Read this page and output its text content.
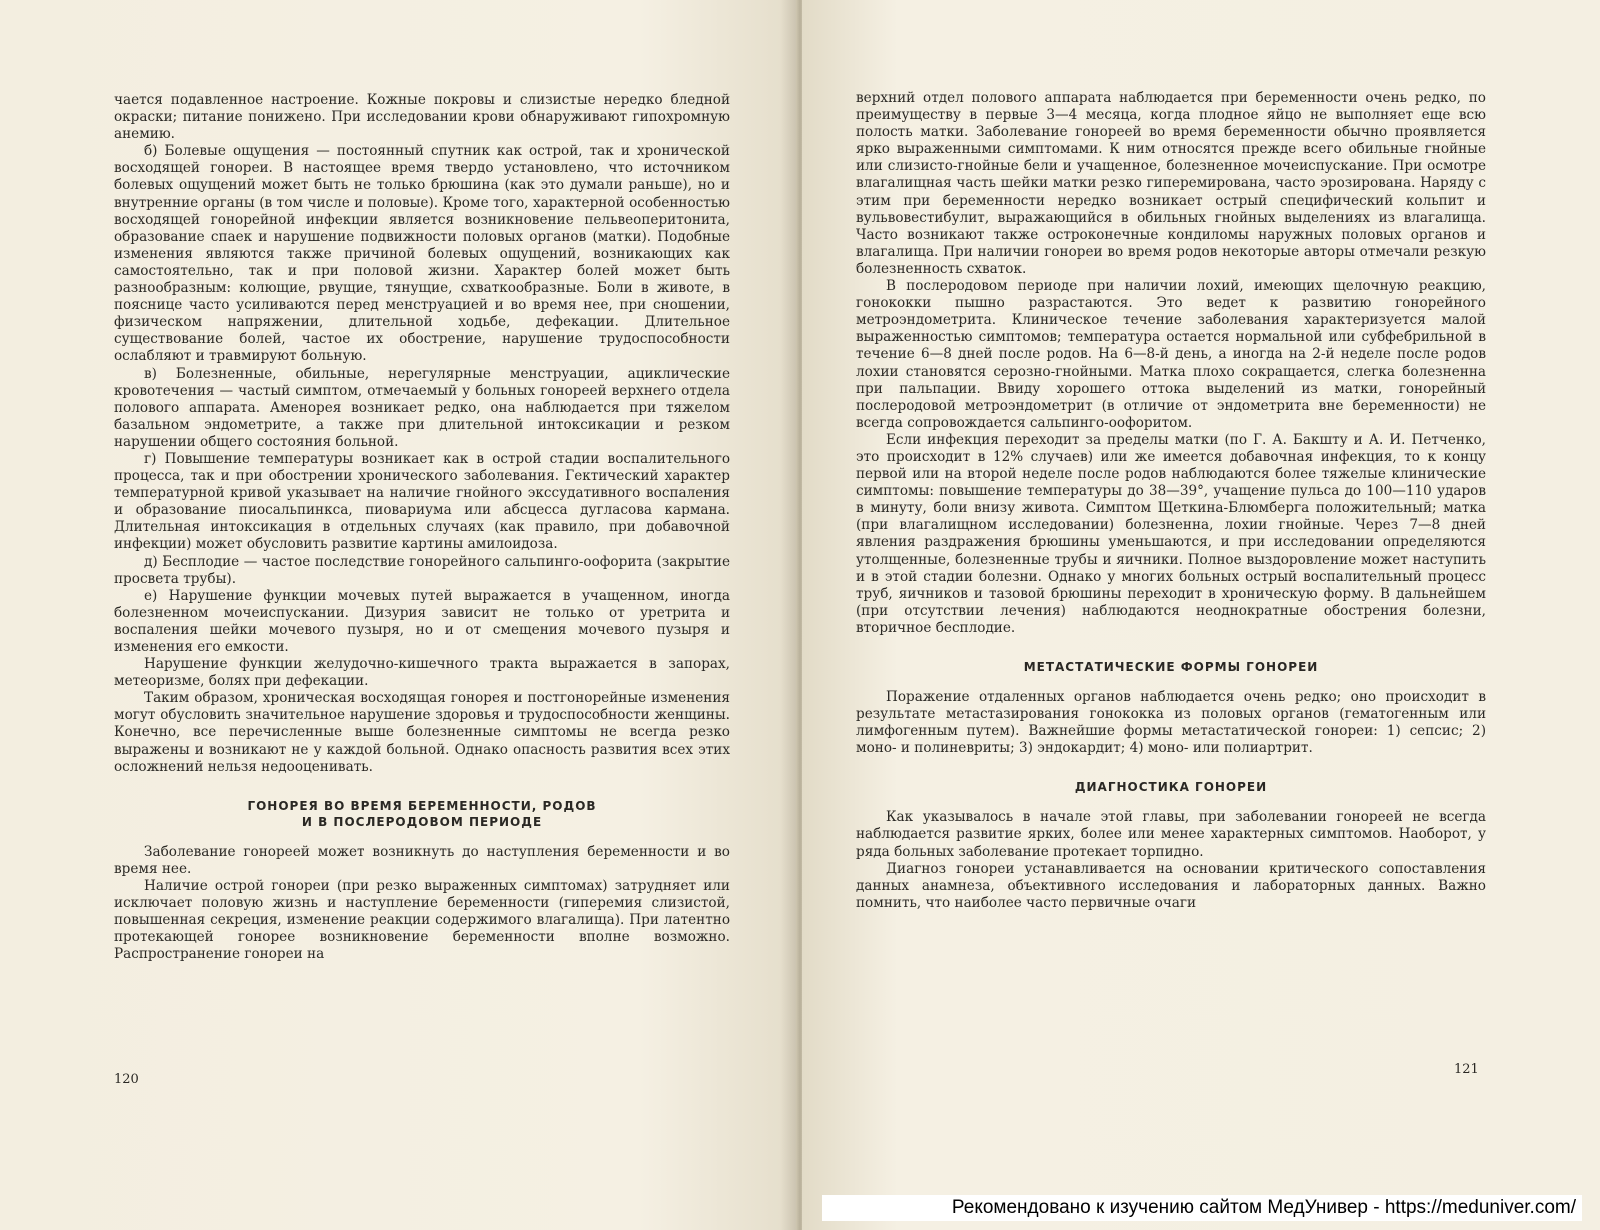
чается подавленное настроение. Кожные покровы и слизистые нередко бледной окраски; питание понижено. При исследовании крови обнаруживают гипохромную анемию.

б) Болевые ощущения — постоянный спутник как острой, так и хронической восходящей гонореи. В настоящее время твердо установлено, что источником болевых ощущений может быть не только брюшина (как это думали раньше), но и внутренние органы (в том числе и половые). Кроме того, характерной особенностью восходящей гонорейной инфекции является возникновение пельвеоперитонита, образование спаек и нарушение подвижности половых органов (матки). Подобные изменения являются также причиной болевых ощущений, возникающих как самостоятельно, так и при половой жизни. Характер болей может быть разнообразным: колющие, рвущие, тянущие, схваткообразные. Боли в животе, в пояснице часто усиливаются перед менструацией и во время нее, при сношении, физическом напряжении, длительной ходьбе, дефекации. Длительное существование болей, частое их обострение, нарушение трудоспособности ослабляют и травмируют больную.

в) Болезненные, обильные, нерегулярные менструации, ациклические кровотечения — частый симптом, отмечаемый у больных гонореей верхнего отдела полового аппарата. Аменорея возникает редко, она наблюдается при тяжелом базальном эндометрите, а также при длительной интоксикации и резком нарушении общего состояния больной.

г) Повышение температуры возникает как в острой стадии воспалительного процесса, так и при обострении хронического заболевания. Гектический характер температурной кривой указывает на наличие гнойного экссудативного воспаления и образование пиосальпинкса, пиовариума или абсцесса дугласова кармана. Длительная интоксикация в отдельных случаях (как правило, при добавочной инфекции) может обусловить развитие картины амилоидоза.

д) Бесплодие — частое последствие гонорейного сальпинго-оофорита (закрытие просвета трубы).

е) Нарушение функции мочевых путей выражается в учащенном, иногда болезненном мочеиспускании. Дизурия зависит не только от уретрита и воспаления шейки мочевого пузыря, но и от смещения мочевого пузыря и изменения его емкости.

Нарушение функции желудочно-кишечного тракта выражается в запорах, метеоризме, болях при дефекации.

Таким образом, хроническая восходящая гонорея и постгонорейные изменения могут обусловить значительное нарушение здоровья и трудоспособности женщины. Конечно, все перечисленные выше болезненные симптомы не всегда резко выражены и возникают не у каждой больной. Однако опасность развития всех этих осложнений нельзя недооценивать.

ГОНОРЕЯ ВО ВРЕМЯ БЕРЕМЕННОСТИ, РОДОВ
И В ПОСЛЕРОДОВОМ ПЕРИОДЕ

Заболевание гонореей может возникнуть до наступления беременности и во время нее.

Наличие острой гонореи (при резко выраженных симптомах) затрудняет или исключает половую жизнь и наступление беременности (гиперемия слизистой, повышенная секреция, изменение реакции содержимого влагалища). При латентно протекающей гонорее возникновение беременности вполне возможно. Распространение гонореи на

120

верхний отдел полового аппарата наблюдается при беременности очень редко, по преимуществу в первые 3—4 месяца, когда плодное яйцо не выполняет еще всю полость матки. Заболевание гонореей во время беременности обычно проявляется ярко выраженными симптомами. К ним относятся прежде всего обильные гнойные или слизисто-гнойные бели и учащенное, болезненное мочеиспускание. При осмотре влагалищная часть шейки матки резко гиперемирована, часто эрозирована. Наряду с этим при беременности нередко возникает острый специфический кольпит и вульвовестибулит, выражающийся в обильных гнойных выделениях из влагалища. Часто возникают также остроконечные кондиломы наружных половых органов и влагалища. При наличии гонореи во время родов некоторые авторы отмечали резкую болезненность схваток.

В послеродовом периоде при наличии лохий, имеющих щелочную реакцию, гонококки пышно разрастаются. Это ведет к развитию гонорейного метроэндометрита. Клиническое течение заболевания характеризуется малой выраженностью симптомов; температура остается нормальной или субфебрильной в течение 6—8 дней после родов. На 6—8-й день, а иногда на 2-й неделе после родов лохии становятся серозно-гнойными. Матка плохо сокращается, слегка болезненна при пальпации. Ввиду хорошего оттока выделений из матки, гонорейный послеродовой метроэндометрит (в отличие от эндометрита вне беременности) не всегда сопровождается сальпинго-оофоритом.

Если инфекция переходит за пределы матки (по Г. А. Бакшту и А. И. Петченко, это происходит в 12% случаев) или же имеется добавочная инфекция, то к концу первой или на второй неделе после родов наблюдаются более тяжелые клинические симптомы: повышение температуры до 38—39°, учащение пульса до 100—110 ударов в минуту, боли внизу живота. Симптом Щеткина-Блюмберга положительный; матка (при влагалищном исследовании) болезненна, лохии гнойные. Через 7—8 дней явления раздражения брюшины уменьшаются, и при исследовании определяются утолщенные, болезненные трубы и яичники. Полное выздоровление может наступить и в этой стадии болезни. Однако у многих больных острый воспалительный процесс труб, яичников и тазовой брюшины переходит в хроническую форму. В дальнейшем (при отсутствии лечения) наблюдаются неоднократные обострения болезни, вторичное бесплодие.

МЕТАСТАТИЧЕСКИЕ ФОРМЫ ГОНОРЕИ

Поражение отдаленных органов наблюдается очень редко; оно происходит в результате метастазирования гонококка из половых органов (гематогенным или лимфогенным путем). Важнейшие формы метастатической гонореи: 1) сепсис; 2) моно- и полиневриты; 3) эндокардит; 4) моно- или полиартрит.

ДИАГНОСТИКА ГОНОРЕИ

Как указывалось в начале этой главы, при заболевании гонореей не всегда наблюдается развитие ярких, более или менее характерных симптомов. Наоборот, у ряда больных заболевание протекает торпидно.

Диагноз гонореи устанавливается на основании критического сопоставления данных анамнеза, объективного исследования и лабораторных данных. Важно помнить, что наиболее часто первичные очаги

121
Рекомендовано к изучению сайтом МедУнивер - https://meduniver.com/
